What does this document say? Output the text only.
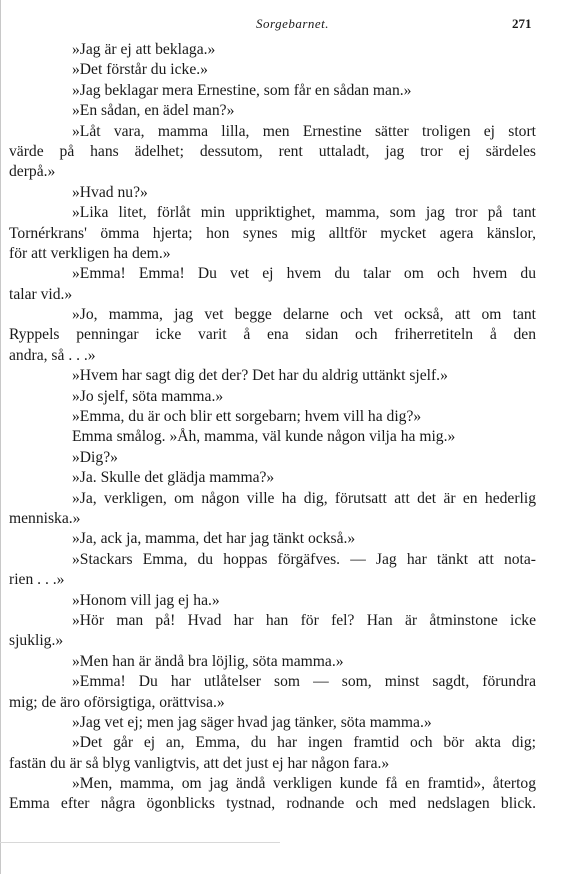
Sorgebarnet.	271
»Jag är ej att beklaga.»
»Det förstår du icke.»
»Jag beklagar mera Ernestine, som får en sådan man.»
»En sådan, en ädel man?»
»Låt vara, mamma lilla, men Ernestine sätter troligen ej stort
värde på hans ädelhet; dessutom, rent uttaladt, jag tror ej särdeles
derpå.»
»Hvad nu?»
»Lika litet, förlåt min uppriktighet, mamma, som jag tror på tant
Tornérkrans' ömma hjerta; hon synes mig alltför mycket agera känslor,
för att verkligen ha dem.»
»Emma! Emma! Du vet ej hvem du talar om och hvem du
talar vid.»
»Jo, mamma, jag vet begge delarne och vet också, att om tant
Ryppels penningar icke varit å ena sidan och friherretiteln å den
andra, så . . .»
»Hvem har sagt dig det der? Det har du aldrig uttänkt sjelf.»
»Jo sjelf, söta mamma.»
»Emma, du är och blir ett sorgebarn; hvem vill ha dig?»
Emma smålog. »Åh, mamma, väl kunde någon vilja ha mig.»
»Dig?»
»Ja. Skulle det glädja mamma?»
»Ja, verkligen, om någon ville ha dig, förutsatt att det är en hederlig
menniska.»
»Ja, ack ja, mamma, det har jag tänkt också.»
»Stackars Emma, du hoppas förgäfves. — Jag har tänkt att nota-
rien . . .»
»Honom vill jag ej ha.»
»Hör man på! Hvad har han för fel? Han är åtminstone icke
sjuklig.»
»Men han är ändå bra löjlig, söta mamma.»
»Emma! Du har utlåtelser som — som, minst sagdt, förundra
mig; de äro oförsigtiga, orättvisa.»
»Jag vet ej; men jag säger hvad jag tänker, söta mamma.»
»Det går ej an, Emma, du har ingen framtid och bör akta dig;
fastän du är så blyg vanligtvis, att det just ej har någon fara.»
»Men, mamma, om jag ändå verkligen kunde få en framtid», återtog
Emma efter några ögonblicks tystnad, rodnande och med nedslagen blick.
